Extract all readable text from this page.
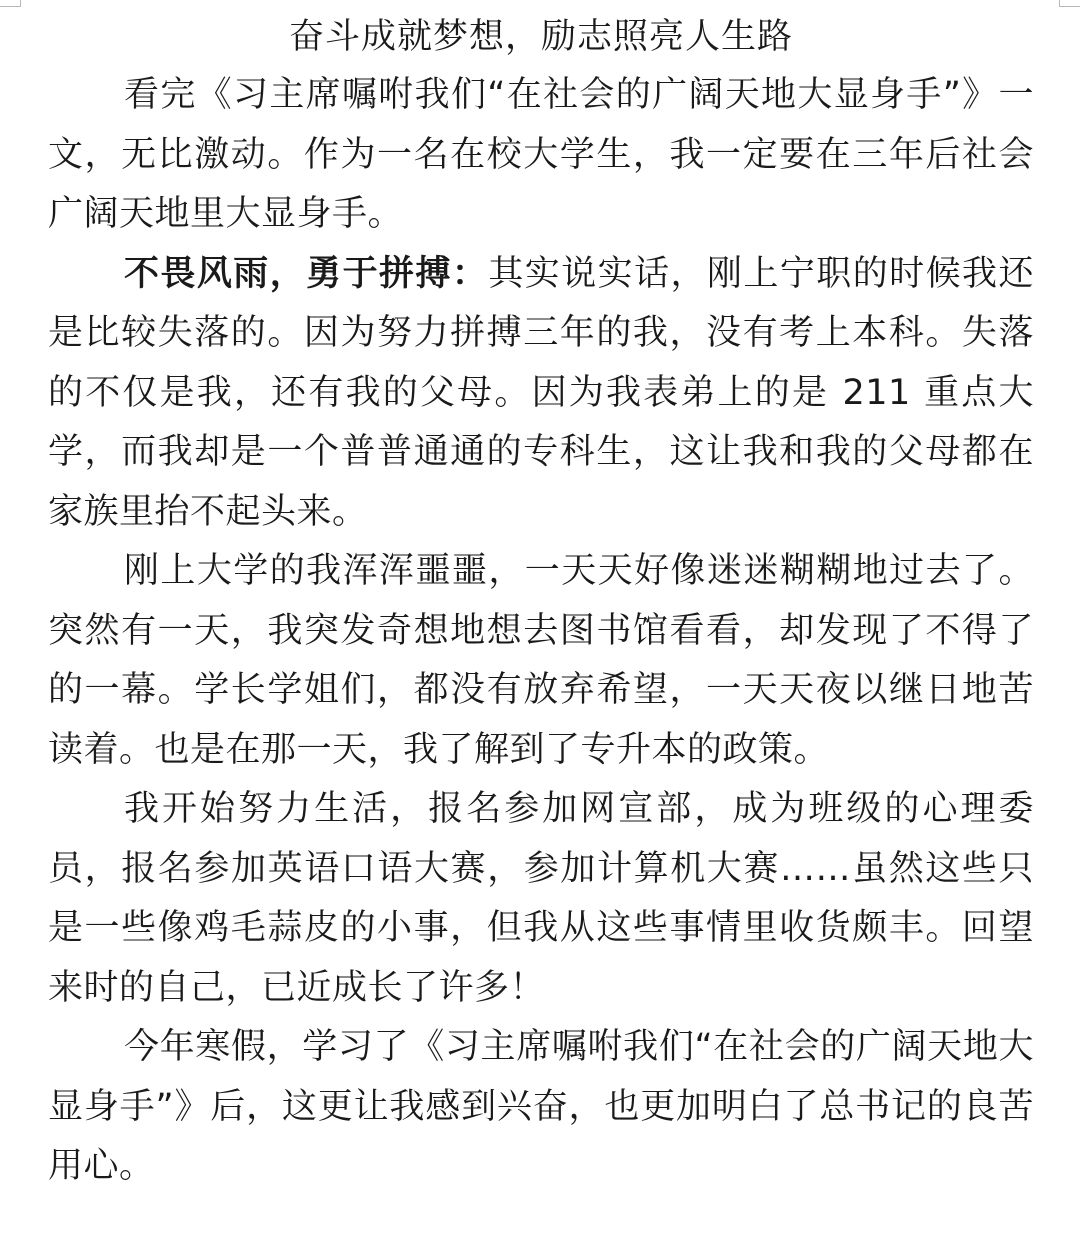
奋斗成就梦想，励志照亮人生路

看完《习主席嘱咐我们“在社会的广阔天地大显身手”》一文，无比激动。作为一名在校大学生，我一定要在三年后社会广阔天地里大显身手。

不畏风雨，勇于拼搏：其实说实话，刚上宁职的时候我还是比较失落的。因为努力拼搏三年的我，没有考上本科。失落的不仅是我，还有我的父母。因为我表弟上的是 211 重点大学，而我却是一个普普通通的专科生，这让我和我的父母都在家族里抬不起头来。

刚上大学的我浑浑噩噩，一天天好像迷迷糊糊地过去了。突然有一天，我突发奇想地想去图书馆看看，却发现了不得了的一幕。学长学姐们，都没有放弃希望，一天天夜以继日地苦读着。也是在那一天，我了解到了专升本的政策。

我开始努力生活，报名参加网宣部，成为班级的心理委员，报名参加英语口语大赛，参加计算机大赛……虽然这些只是一些像鸡毛蒜皮的小事，但我从这些事情里收货颇丰。回望来时的自己，已近成长了许多！

今年寒假，学习了《习主席嘱咐我们“在社会的广阔天地大显身手”》后，这更让我感到兴奋，也更加明白了总书记的良苦用心。
